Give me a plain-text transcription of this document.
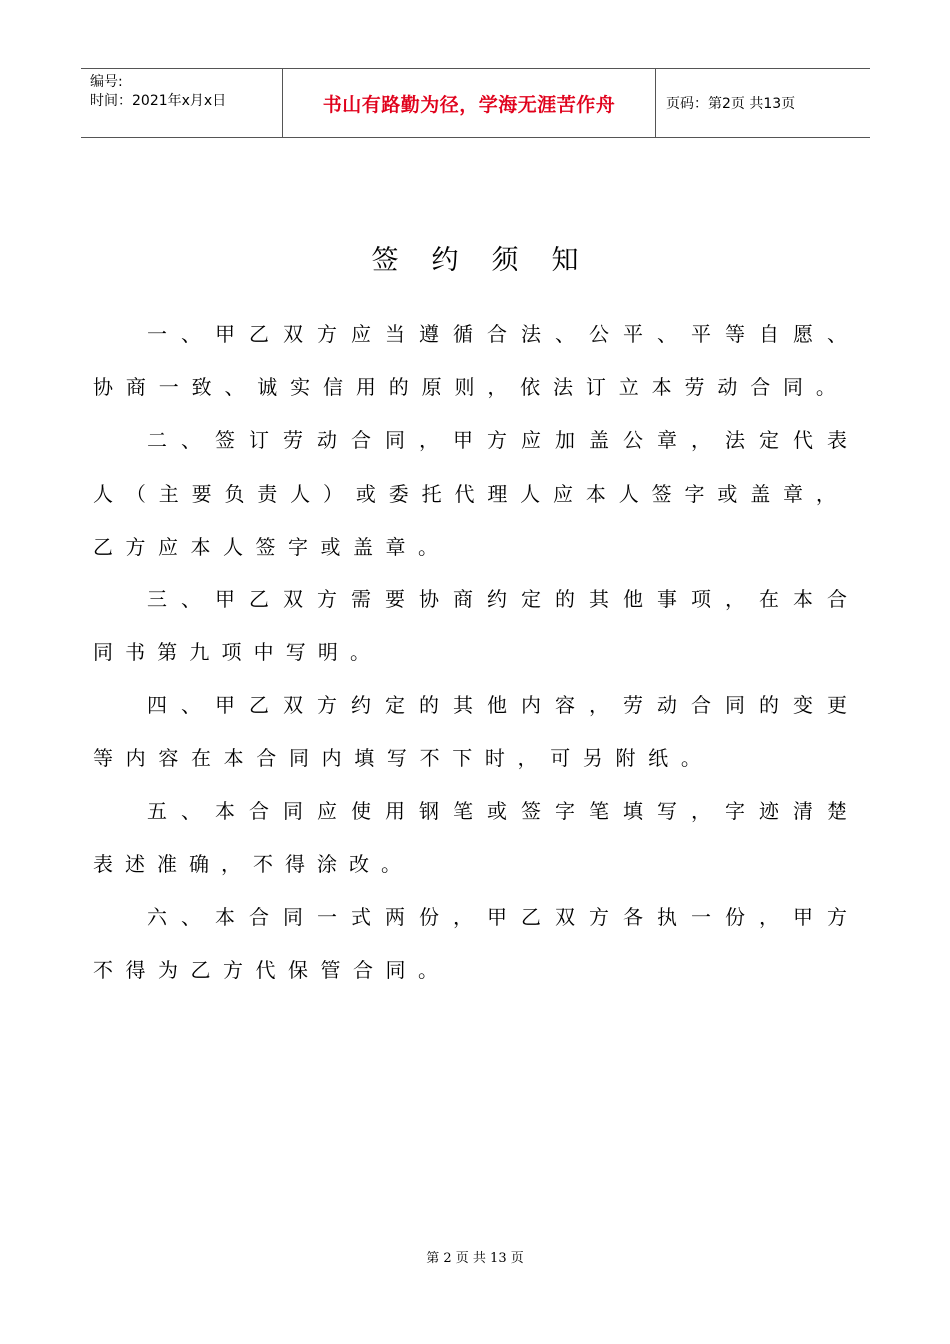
编号:
时间：2021年x月x日	书山有路勤为径，学海无涯苦作舟	页码：第2页 共13页
签约须知
一 、 甲 乙 双 方 应 当 遵 循 合 法 、 公 平 、 平 等 自 愿 、
协 商 一 致 、 诚 实 信 用 的 原 则 ， 依 法 订 立 本 劳 动 合 同 。
二 、 签 订 劳 动 合 同 ， 甲 方 应 加 盖 公 章 ， 法 定 代 表
人 （ 主 要 负 责 人 ） 或 委 托 代 理 人 应 本 人 签 字 或 盖 章 ，
乙 方 应 本 人 签 字 或 盖 章 。
三 、 甲 乙 双 方 需 要 协 商 约 定 的 其 他 事 项 ， 在 本 合
同 书 第 九 项 中 写 明 。
四 、 甲 乙 双 方 约 定 的 其 他 内 容 ， 劳 动 合 同 的 变 更
等 内 容 在 本 合 同 内 填 写 不 下 时 ， 可 另 附 纸 。
五 、 本 合 同 应 使 用 钢 笔 或 签 字 笔 填 写 ， 字 迹 清 楚
表 述 准 确 ， 不 得 涂 改 。
六 、 本 合 同 一 式 两 份 ， 甲 乙 双 方 各 执 一 份 ， 甲 方
不 得 为 乙 方 代 保 管 合 同 。
第 2 页 共 13 页
